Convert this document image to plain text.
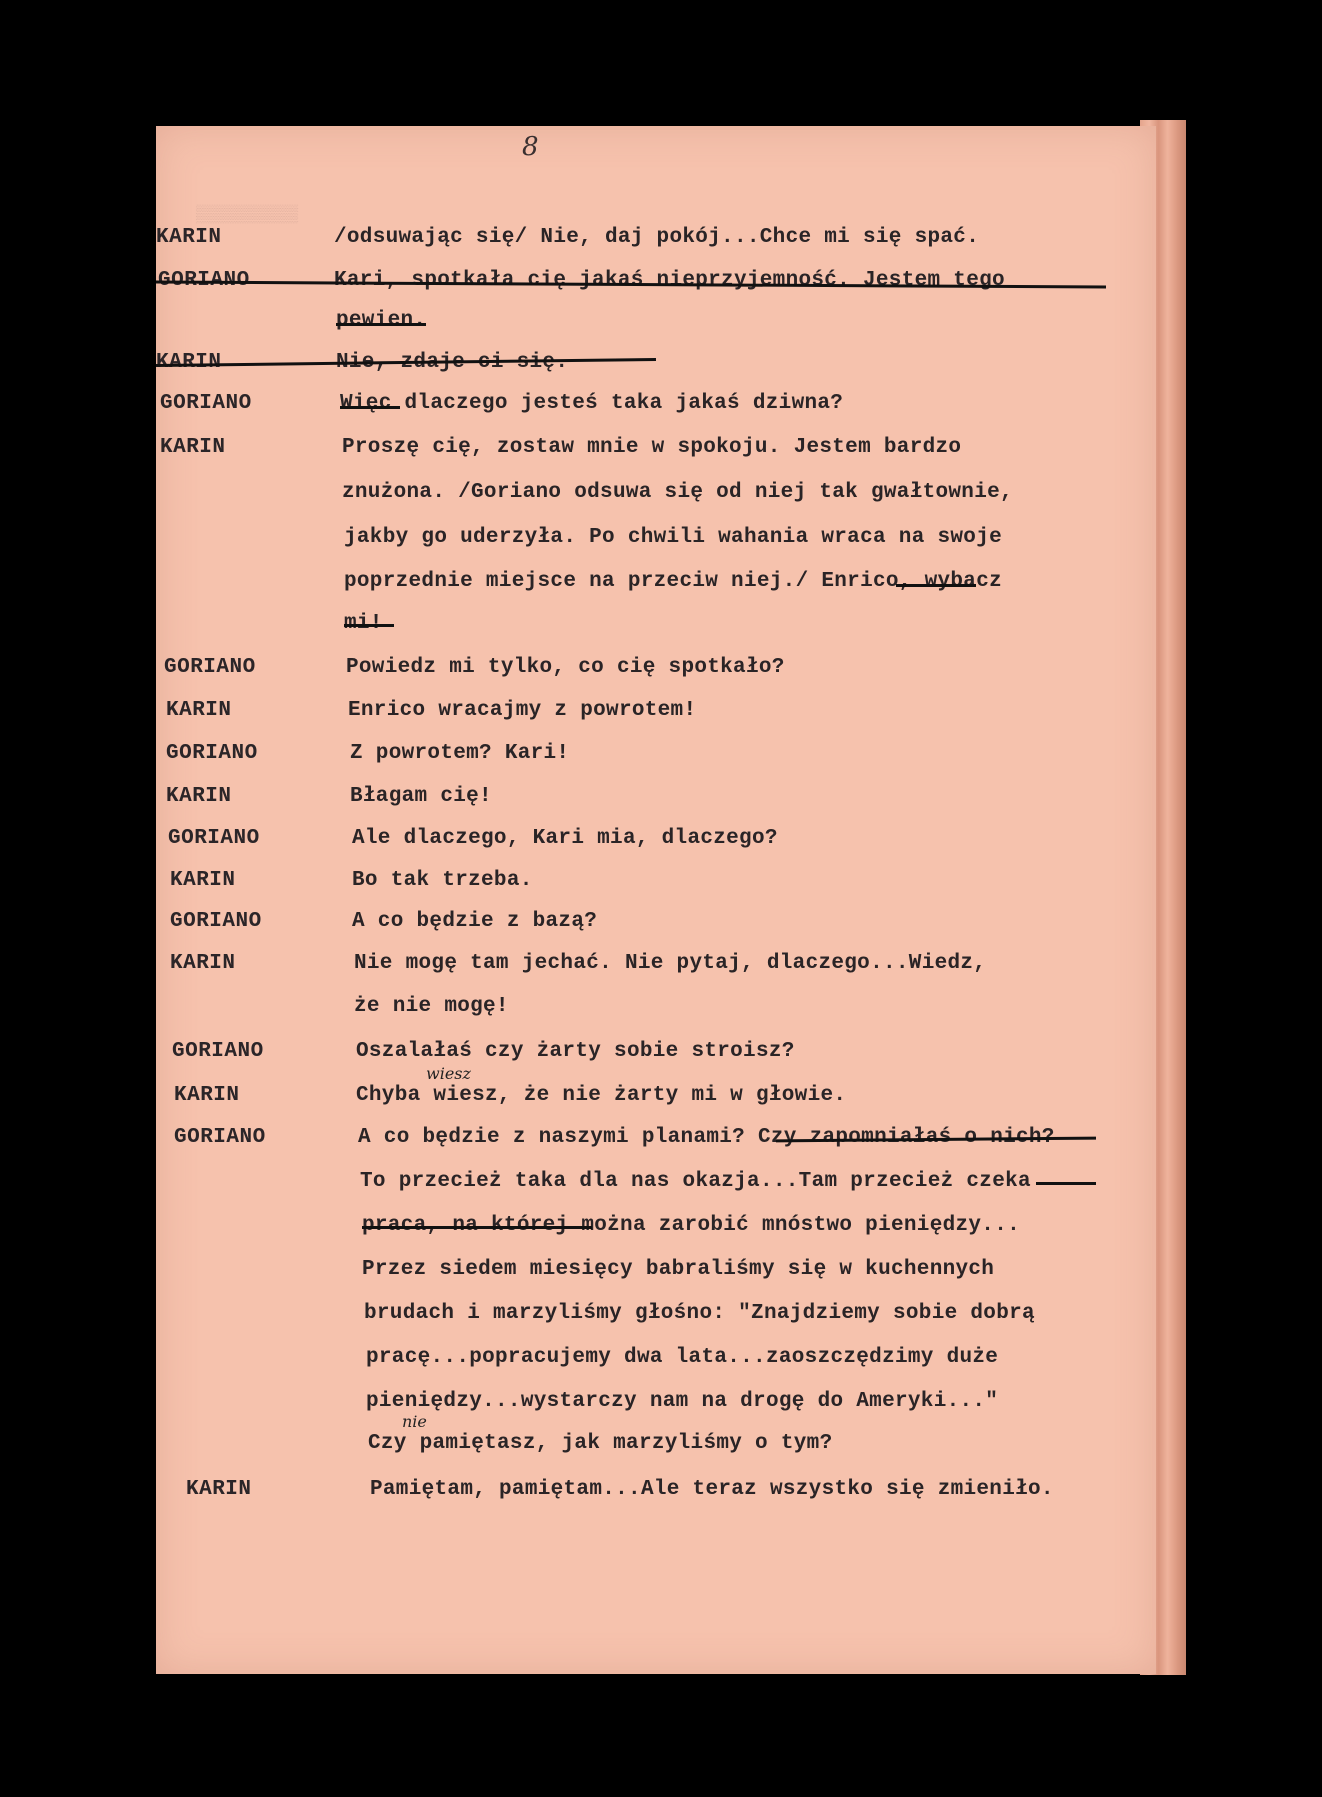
8
▒▒▒▒▒▒▒▒▒▒
KARIN	/odsuwając się/ Nie, daj pokój...Chce mi się spać.
GORIANO	Kari, spotkała cię jakaś nieprzyjemność. Jestem tego
pewien.
KARIN	Nie, zdaje ci się.
GORIANO	Więc dlaczego jesteś taka jakaś dziwna?
KARIN	Proszę cię, zostaw mnie w spokoju. Jestem bardzo
znużona. /Goriano odsuwa się od niej tak gwałtownie,
jakby go uderzyła. Po chwili wahania wraca na swoje
poprzednie miejsce na przeciw niej./ Enrico, wybacz
mi!
GORIANO	Powiedz mi tylko, co cię spotkało?
KARIN	Enrico wracajmy z powrotem!
GORIANO	Z powrotem? Kari!
KARIN	Błagam cię!
GORIANO	Ale dlaczego, Kari mia, dlaczego?
KARIN	Bo tak trzeba.
GORIANO	A co będzie z bazą?
KARIN	Nie mogę tam jechać. Nie pytaj, dlaczego...Wiedz,
że nie mogę!
GORIANO	Oszalałaś czy żarty sobie stroisz?
KARIN	Chyba wiesz, że nie żarty mi w głowie.
wiesz
GORIANO	A co będzie z naszymi planami? Czy zapomniałaś o nich?
To przecież taka dla nas okazja...Tam przecież czeka
praca, na której można zarobić mnóstwo pieniędzy...
Przez siedem miesięcy babraliśmy się w kuchennych
brudach i marzyliśmy głośno: "Znajdziemy sobie dobrą
pracę...popracujemy dwa lata...zaoszczędzimy duże
pieniędzy...wystarczy nam na drogę do Ameryki..."
Czy pamiętasz, jak marzyliśmy o tym?
nie
KARIN	Pamiętam, pamiętam...Ale teraz wszystko się zmieniło.
